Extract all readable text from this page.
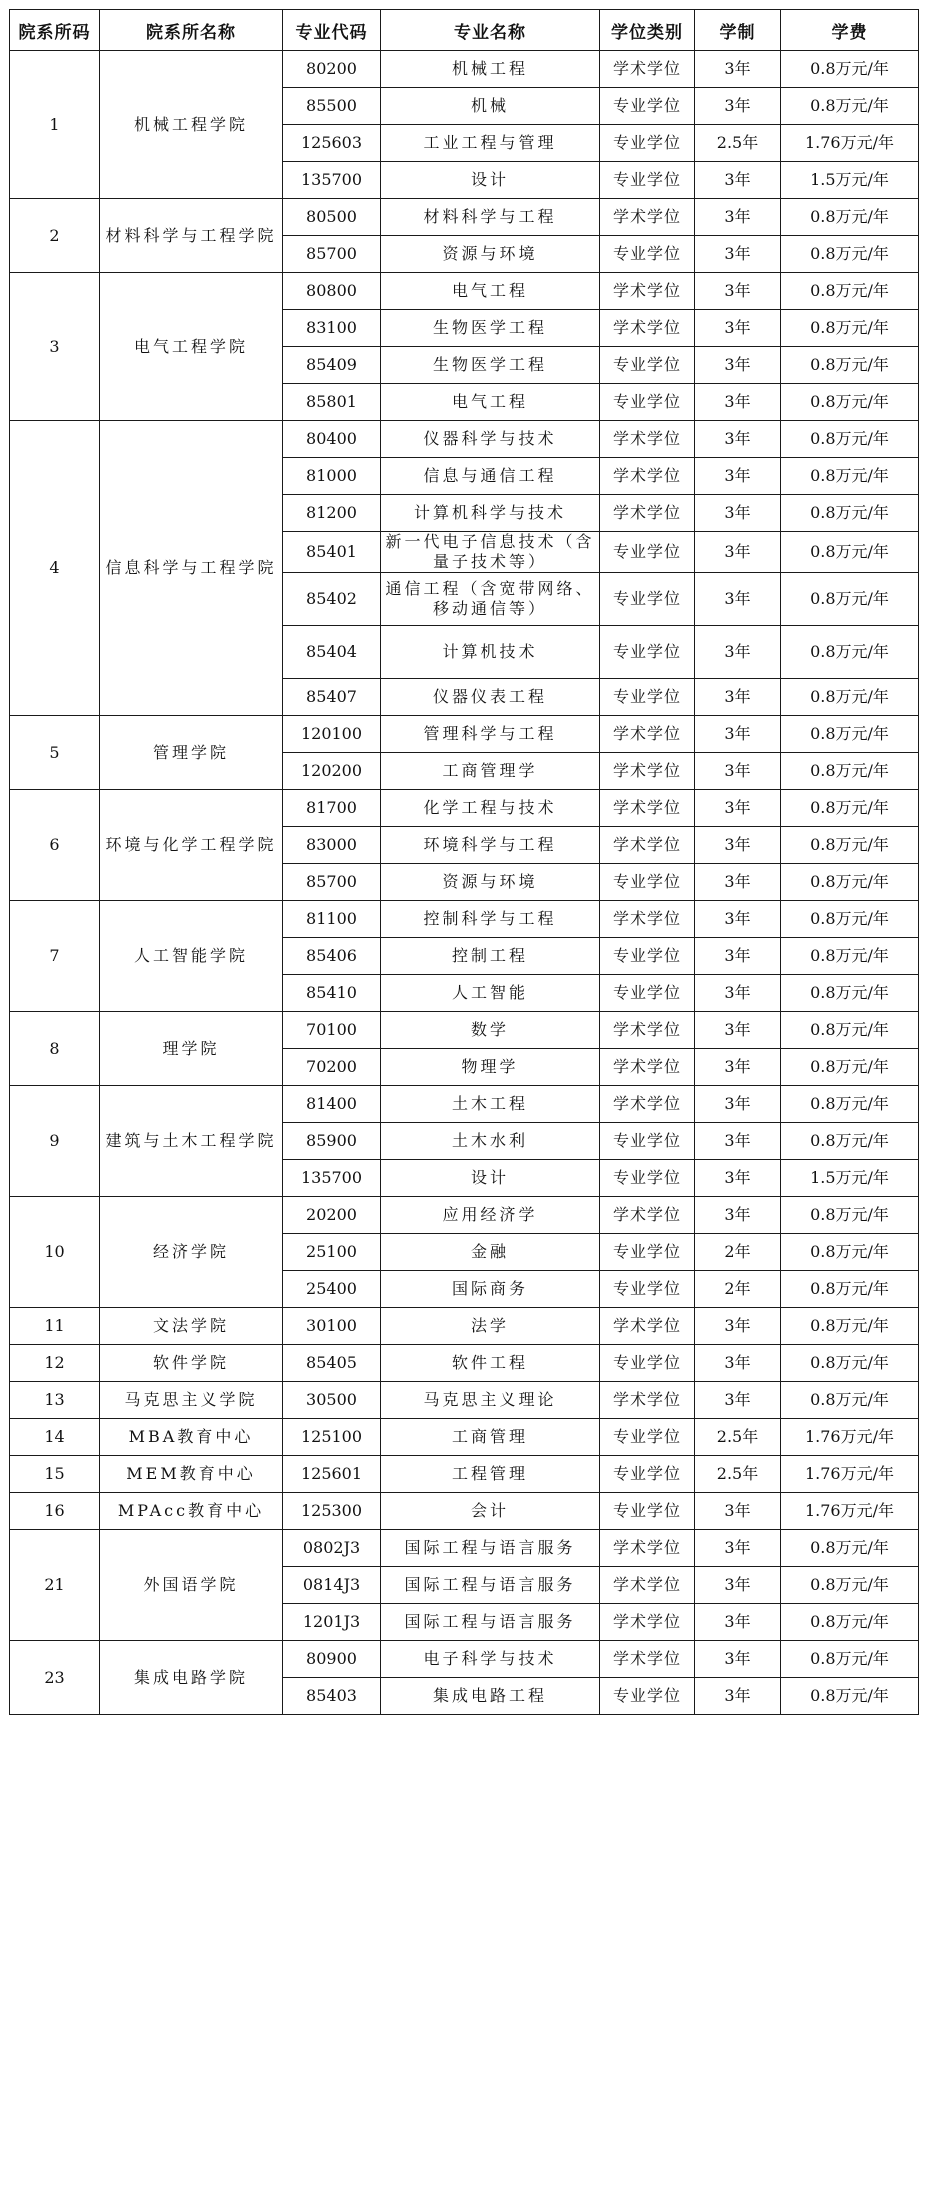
院系所码	院系所名称	专业代码	专业名称	学位类别	学制	学费
1	机械工程学院	80200	机械工程	学术学位	3年	0.8万元/年
		85500	机械	专业学位	3年	0.8万元/年
		125603	工业工程与管理	专业学位	2.5年	1.76万元/年
		135700	设计	专业学位	3年	1.5万元/年
2	材料科学与工程学院	80500	材料科学与工程	学术学位	3年	0.8万元/年
		85700	资源与环境	专业学位	3年	0.8万元/年
3	电气工程学院	80800	电气工程	学术学位	3年	0.8万元/年
		83100	生物医学工程	学术学位	3年	0.8万元/年
		85409	生物医学工程	专业学位	3年	0.8万元/年
		85801	电气工程	专业学位	3年	0.8万元/年
4	信息科学与工程学院	80400	仪器科学与技术	学术学位	3年	0.8万元/年
		81000	信息与通信工程	学术学位	3年	0.8万元/年
		81200	计算机科学与技术	学术学位	3年	0.8万元/年
		85401	新一代电子信息技术（含量子技术等）	专业学位	3年	0.8万元/年
		85402	通信工程（含宽带网络、移动通信等）	专业学位	3年	0.8万元/年
		85404	计算机技术	专业学位	3年	0.8万元/年
		85407	仪器仪表工程	专业学位	3年	0.8万元/年
5	管理学院	120100	管理科学与工程	学术学位	3年	0.8万元/年
		120200	工商管理学	学术学位	3年	0.8万元/年
6	环境与化学工程学院	81700	化学工程与技术	学术学位	3年	0.8万元/年
		83000	环境科学与工程	学术学位	3年	0.8万元/年
		85700	资源与环境	专业学位	3年	0.8万元/年
7	人工智能学院	81100	控制科学与工程	学术学位	3年	0.8万元/年
		85406	控制工程	专业学位	3年	0.8万元/年
		85410	人工智能	专业学位	3年	0.8万元/年
8	理学院	70100	数学	学术学位	3年	0.8万元/年
		70200	物理学	学术学位	3年	0.8万元/年
9	建筑与土木工程学院	81400	土木工程	学术学位	3年	0.8万元/年
		85900	土木水利	专业学位	3年	0.8万元/年
		135700	设计	专业学位	3年	1.5万元/年
10	经济学院	20200	应用经济学	学术学位	3年	0.8万元/年
		25100	金融	专业学位	2年	0.8万元/年
		25400	国际商务	专业学位	2年	0.8万元/年
11	文法学院	30100	法学	学术学位	3年	0.8万元/年
12	软件学院	85405	软件工程	专业学位	3年	0.8万元/年
13	马克思主义学院	30500	马克思主义理论	学术学位	3年	0.8万元/年
14	MBA教育中心	125100	工商管理	专业学位	2.5年	1.76万元/年
15	MEM教育中心	125601	工程管理	专业学位	2.5年	1.76万元/年
16	MPAcc教育中心	125300	会计	专业学位	3年	1.76万元/年
21	外国语学院	0802J3	国际工程与语言服务	学术学位	3年	0.8万元/年
		0814J3	国际工程与语言服务	学术学位	3年	0.8万元/年
		1201J3	国际工程与语言服务	学术学位	3年	0.8万元/年
23	集成电路学院	80900	电子科学与技术	学术学位	3年	0.8万元/年
		85403	集成电路工程	专业学位	3年	0.8万元/年
